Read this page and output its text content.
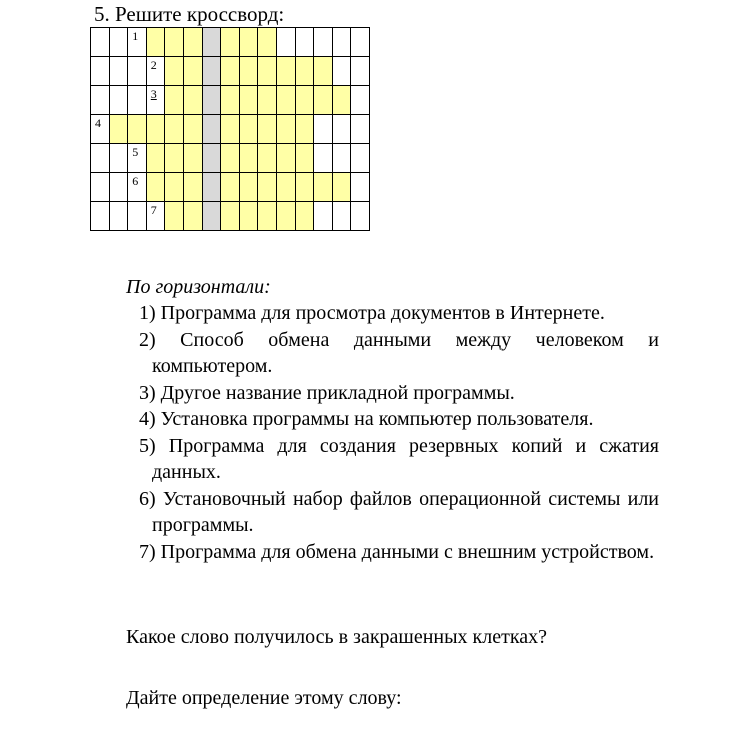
5. Решите кроссворд:

		1												

			2											

			3											

4														

		5												

		6												

			7											

По горизонтали:
1) Программа для просмотра документов в Интернете.
2) Способ обмена данными между человеком и компьютером.
3) Другое название прикладной программы.
4) Установка программы на компьютер пользователя.
5) Программа для создания резервных копий и сжатия данных.
6) Установочный набор файлов операционной системы или программы.
7) Программа для обмена данными с внешним устройством.
Какое слово получилось в закрашенных клетках?
Дайте определение этому слову:
